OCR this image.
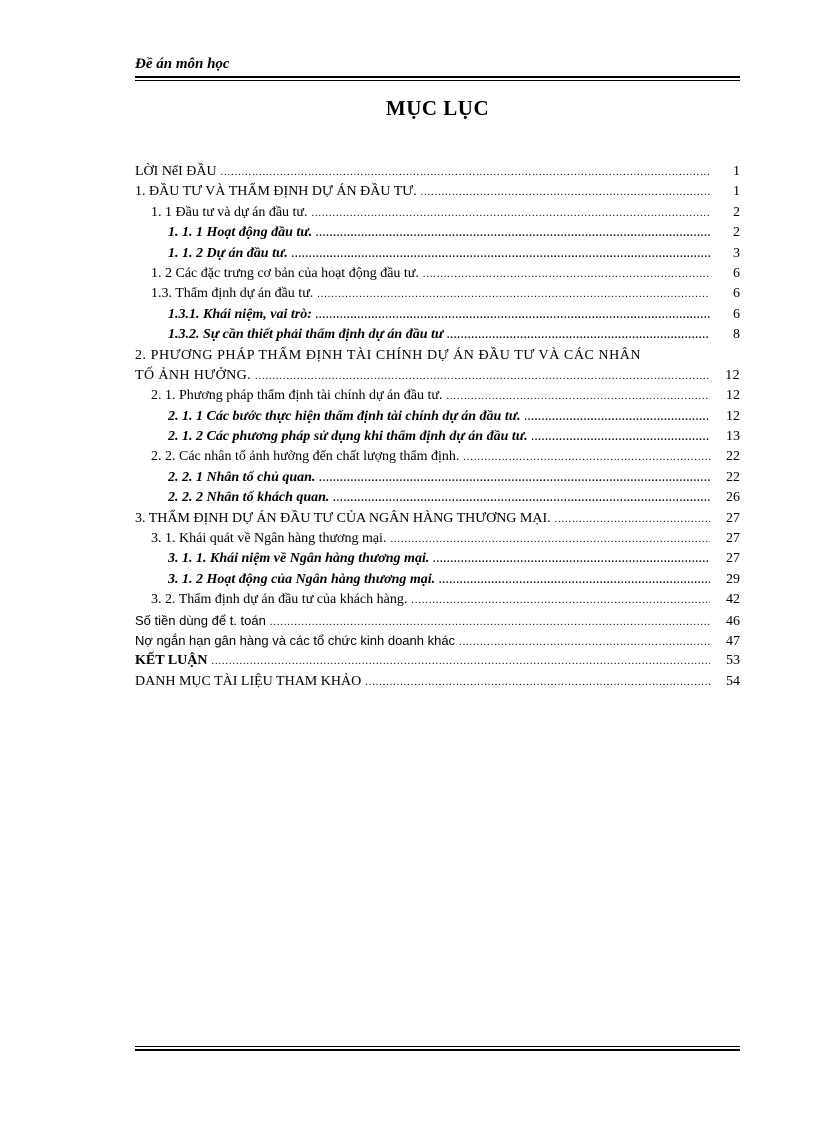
Đề án môn học
MỤC LỤC
LỜI NểI ĐẦU .....	1
1. ĐẦU TƯ VÀ THẨM ĐỊNH DỰ ÁN ĐẦU TƯ. .....	1
1. 1 Đầu tư và dự án đầu tư. .....	2
1. 1. 1 Hoạt động đầu tư. .....	2
1. 1. 2 Dự án đầu tư. .....	3
1. 2 Các đặc trưng cơ bản của hoạt động đầu tư. .....	6
1.3. Thẩm định dự án đầu tư. .....	6
1.3.1. Khái niệm, vai trò: .....	6
1.3.2. Sự cần thiết phải thẩm định dự án đầu tư .....	8
2. PHƯƠNG PHÁP THẨM ĐỊNH TÀI CHÍNH DỰ ÁN ĐẦU TƯ VÀ CÁC NHÂN
TỐ ẢNH HƯỞNG. .....	12
2. 1. Phương pháp thẩm định tài chính dự án đầu tư. .....	12
2. 1. 1 Các bước thực hiện thẩm định tài chính dự án đầu tư. .....	12
2. 1. 2 Các phương pháp sử dụng khi thẩm định dự án đầu tư. .....	13
2. 2. Các nhân tố ảnh hưởng đến chất lượng thẩm định. .....	22
2. 2. 1 Nhân tố chủ quan. .....	22
2. 2. 2 Nhân tố khách quan. .....	26
3. THẨM ĐỊNH DỰ ÁN ĐẦU TƯ CỦA NGÂN HÀNG THƯƠNG MẠI. .....	27
3. 1. Khái quát về Ngân hàng thương mại. .....	27
3. 1. 1. Khái niệm về Ngân hàng thương mại. .....	27
3. 1. 2 Hoạt động của Ngân hàng thương mại. .....	29
3. 2. Thẩm định dự án đầu tư của khách hàng. .....	42
Số tiền dùng để t. toán .....	46
Nợ ngắn hạn gân hàng và các tổ chức kinh doanh khác .....	47
KẾT LUẬN .....	53
DANH MỤC TÀI LIỆU THAM KHẢO .....	54
